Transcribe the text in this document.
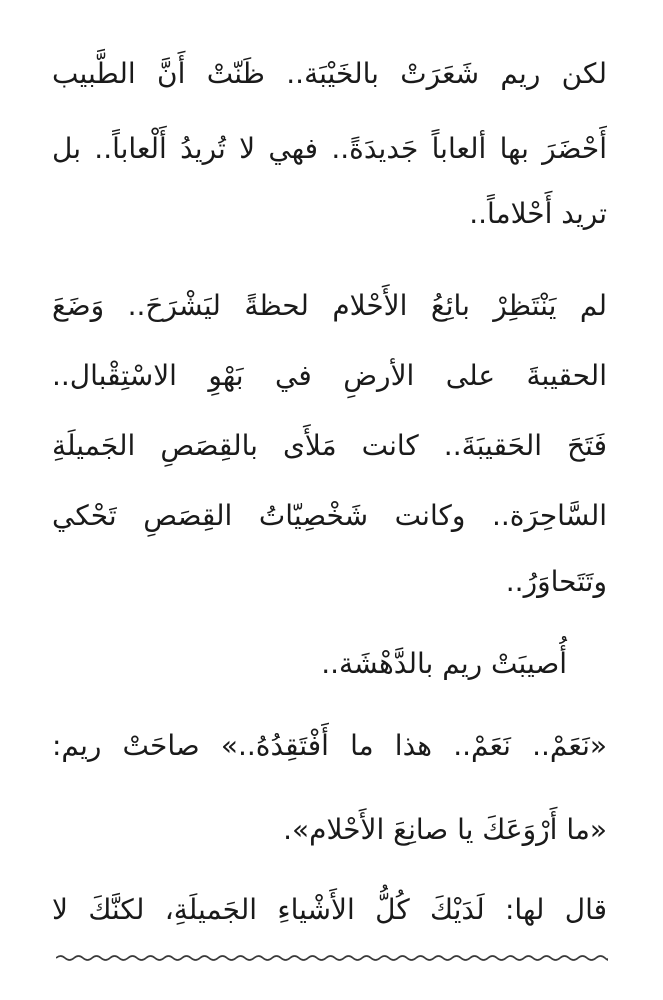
لكن ريم شَعَرَتْ بالخَيْبَة.. ظَنّتْ أَنَّ الطَّبيب
أَحْضَرَ بها ألعاباً جَديدَةً.. فهي لا تُريدُ أَلْعاباً.. بل
تريد أَحْلاماً..
لم يَنْتَظِرْ بائِعُ الأَحْلام لحظةً ليَشْرَحَ.. وَضَعَ
الحقيبةَ على الأرضِ في بَهْوِ الاسْتِقْبال..
فَتَحَ الحَقيبَةَ.. كانت مَلأَى بالقِصَصِ الجَميلَةِ
السَّاحِرَة.. وكانت شَخْصِيّاتُ القِصَصِ تَحْكي
وتَتَحاوَرُ..
أُصيبَتْ ريم بالدَّهْشَة..
«نَعَمْ.. نَعَمْ.. هذا ما أَفْتَقِدُهُ..» صاحَتْ ريم:
«ما أَرْوَعَكَ يا صانِعَ الأَحْلام».
قال لها: لَدَيْكَ كُلُّ الأَشْياءِ الجَميلَةِ، لكنَّكَ لا
